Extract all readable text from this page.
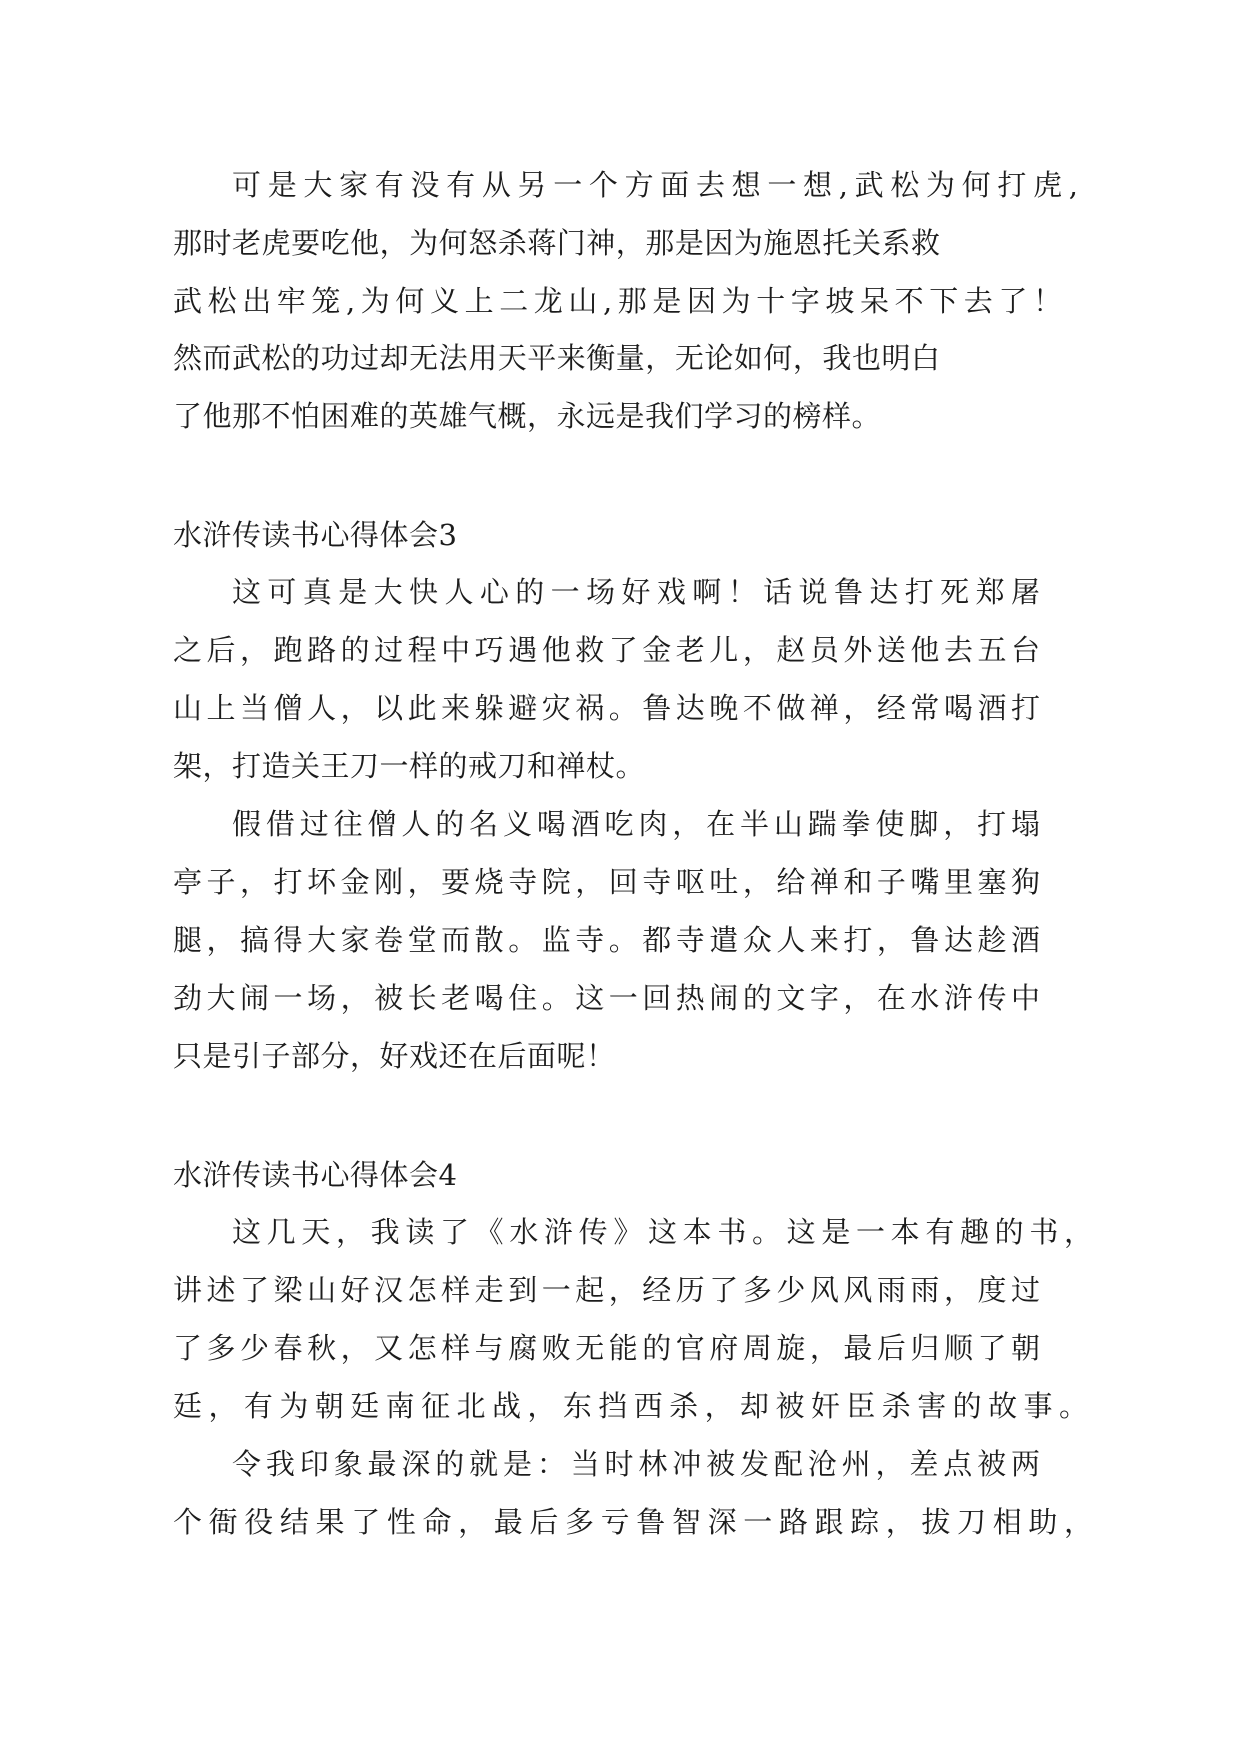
可是大家有没有从另一个方面去想一想,武松为何打虎,
那时老虎要吃他，为何怒杀蒋门神，那是因为施恩托关系救
武松出牢笼,为何义上二龙山,那是因为十字坡呆不下去了！
然而武松的功过却无法用天平来衡量，无论如何，我也明白
了他那不怕困难的英雄气概，永远是我们学习的榜样。
水浒传读书心得体会3
这可真是大快人心的一场好戏啊！话说鲁达打死郑屠
之后，跑路的过程中巧遇他救了金老儿，赵员外送他去五台
山上当僧人，以此来躲避灾祸。鲁达晚不做禅，经常喝酒打
架，打造关王刀一样的戒刀和禅杖。
假借过往僧人的名义喝酒吃肉，在半山踹拳使脚，打塌
亭子，打坏金刚，要烧寺院，回寺呕吐，给禅和子嘴里塞狗
腿，搞得大家卷堂而散。监寺。都寺遣众人来打，鲁达趁酒
劲大闹一场，被长老喝住。这一回热闹的文字，在水浒传中
只是引子部分，好戏还在后面呢！
水浒传读书心得体会4
这几天，我读了《水浒传》这本书。这是一本有趣的书，
讲述了梁山好汉怎样走到一起，经历了多少风风雨雨，度过
了多少春秋，又怎样与腐败无能的官府周旋，最后归顺了朝
廷，有为朝廷南征北战，东挡西杀，却被奸臣杀害的故事。
令我印象最深的就是：当时林冲被发配沧州，差点被两
个衙役结果了性命，最后多亏鲁智深一路跟踪，拔刀相助，
